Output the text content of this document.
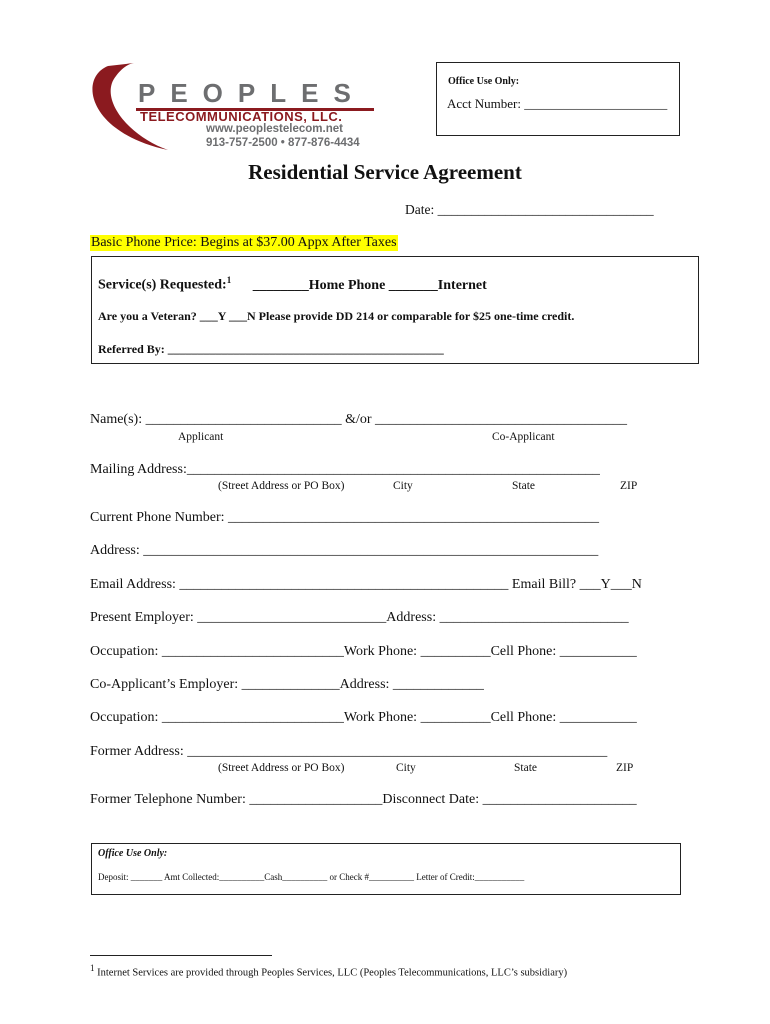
PEOPLES
TELECOMMUNICATIONS, LLC.
www.peoplestelecom.net
913-757-2500 • 877-876-4434
Office Use Only:
Acct Number: ______________________
Residential Service Agreement
Date: ________________________________
Basic Phone Price: Begins at $37.00 Appx After Taxes
Service(s) Requested:$^1$ ________Home Phone _______Internet
Are you a Veteran? ___Y ___N Please provide DD 214 or comparable for $25 one-time credit.
Referred By: ______________________________________________
Name(s): ____________________________ &/or ____________________________________
Applicant	Co-Applicant
Mailing Address:___________________________________________________________
(Street Address or PO Box)	City	State	ZIP
Current Phone Number: _____________________________________________________
Address: _________________________________________________________________
Email Address: _______________________________________________ Email Bill? ___Y___N
Present Employer: ___________________________Address: ___________________________
Occupation: __________________________Work Phone: __________Cell Phone: ___________
Co-Applicant’s Employer: ______________Address: _____________
Occupation: __________________________Work Phone: __________Cell Phone: ___________
Former Address: ____________________________________________________________
(Street Address or PO Box)	City	State	ZIP
Former Telephone Number: ___________________Disconnect Date: ______________________
Office Use Only:
Deposit: _______ Amt Collected:__________Cash__________ or Check #__________ Letter of Credit:___________
$^1$ Internet Services are provided through Peoples Services, LLC (Peoples Telecommunications, LLC’s subsidiary)
